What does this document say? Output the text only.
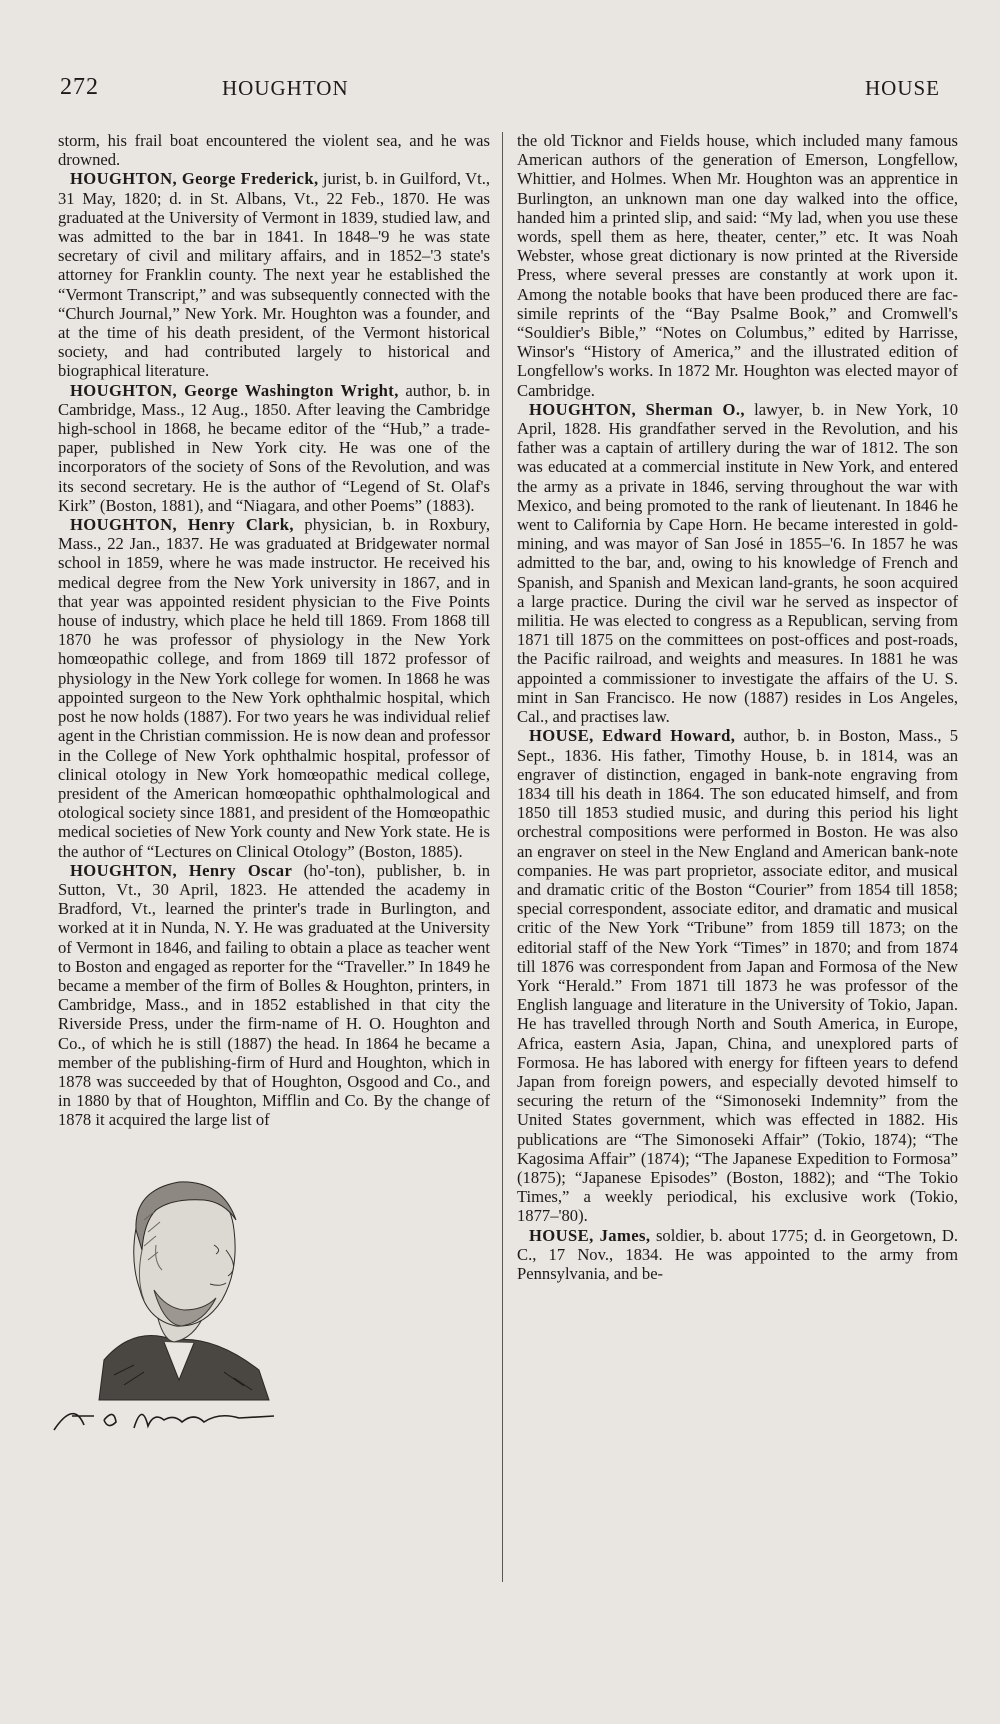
272	HOUGHTON	HOUSE

storm, his frail boat encountered the violent sea, and he was drowned.

HOUGHTON, George Frederick, jurist, b. in Guilford, Vt., 31 May, 1820; d. in St. Albans, Vt., 22 Feb., 1870. He was graduated at the University of Vermont in 1839, studied law, and was admitted to the bar in 1841. In 1848–'9 he was state secretary of civil and military affairs, and in 1852–'3 state's attorney for Franklin county. The next year he established the “Vermont Transcript,” and was subsequently connected with the “Church Journal,” New York. Mr. Houghton was a founder, and at the time of his death president, of the Vermont historical society, and had contributed largely to historical and biographical literature.

HOUGHTON, George Washington Wright, author, b. in Cambridge, Mass., 12 Aug., 1850. After leaving the Cambridge high-school in 1868, he became editor of the “Hub,” a trade-paper, published in New York city. He was one of the incorporators of the society of Sons of the Revolution, and was its second secretary. He is the author of “Legend of St. Olaf's Kirk” (Boston, 1881), and “Niagara, and other Poems” (1883).

HOUGHTON, Henry Clark, physician, b. in Roxbury, Mass., 22 Jan., 1837. He was graduated at Bridgewater normal school in 1859, where he was made instructor. He received his medical degree from the New York university in 1867, and in that year was appointed resident physician to the Five Points house of industry, which place he held till 1869. From 1868 till 1870 he was professor of physiology in the New York homœopathic college, and from 1869 till 1872 professor of physiology in the New York college for women. In 1868 he was appointed surgeon to the New York ophthalmic hospital, which post he now holds (1887). For two years he was individual relief agent in the Christian commission. He is now dean and professor in the College of New York ophthalmic hospital, professor of clinical otology in New York homœopathic medical college, president of the American homœopathic ophthalmological and otological society since 1881, and president of the Homœopathic medical societies of New York county and New York state. He is the author of “Lectures on Clinical Otology” (Boston, 1885).

HOUGHTON, Henry Oscar (ho'-ton), publisher, b. in Sutton, Vt., 30 April, 1823. He attended the academy in Bradford, Vt., learned the printer's trade in Burlington, and worked at it in Nunda, N. Y. He was graduated at the University of Vermont in 1846, and failing to obtain a place as teacher went to Boston and engaged as reporter for the “Traveller.” In 1849 he became a member of the firm of Bolles & Houghton, printers, in Cambridge, Mass., and in 1852 established in that city the Riverside Press, under the firm-name of H. O. Houghton and Co., of which he is still (1887) the head. In 1864 he became a member of the publishing-firm of Hurd and Houghton, which in 1878 was succeeded by that of Houghton, Osgood and Co., and in 1880 by that of Houghton, Mifflin and Co. By the change of 1878 it acquired the large list of

the old Ticknor and Fields house, which included many famous American authors of the generation of Emerson, Longfellow, Whittier, and Holmes. When Mr. Houghton was an apprentice in Burlington, an unknown man one day walked into the office, handed him a printed slip, and said: “My lad, when you use these words, spell them as here, theater, center,” etc. It was Noah Webster, whose great dictionary is now printed at the Riverside Press, where several presses are constantly at work upon it. Among the notable books that have been produced there are fac-simile reprints of the “Bay Psalme Book,” and Cromwell's “Souldier's Bible,” “Notes on Columbus,” edited by Harrisse, Winsor's “History of America,” and the illustrated edition of Longfellow's works. In 1872 Mr. Houghton was elected mayor of Cambridge.

HOUGHTON, Sherman O., lawyer, b. in New York, 10 April, 1828. His grandfather served in the Revolution, and his father was a captain of artillery during the war of 1812. The son was educated at a commercial institute in New York, and entered the army as a private in 1846, serving throughout the war with Mexico, and being promoted to the rank of lieutenant. In 1846 he went to California by Cape Horn. He became interested in gold-mining, and was mayor of San José in 1855–'6. In 1857 he was admitted to the bar, and, owing to his knowledge of French and Spanish, and Spanish and Mexican land-grants, he soon acquired a large practice. During the civil war he served as inspector of militia. He was elected to congress as a Republican, serving from 1871 till 1875 on the committees on post-offices and post-roads, the Pacific railroad, and weights and measures. In 1881 he was appointed a commissioner to investigate the affairs of the U. S. mint in San Francisco. He now (1887) resides in Los Angeles, Cal., and practises law.

HOUSE, Edward Howard, author, b. in Boston, Mass., 5 Sept., 1836. His father, Timothy House, b. in 1814, was an engraver of distinction, engaged in bank-note engraving from 1834 till his death in 1864. The son educated himself, and from 1850 till 1853 studied music, and during this period his light orchestral compositions were performed in Boston. He was also an engraver on steel in the New England and American bank-note companies. He was part proprietor, associate editor, and musical and dramatic critic of the Boston “Courier” from 1854 till 1858; special correspondent, associate editor, and dramatic and musical critic of the New York “Tribune” from 1859 till 1873; on the editorial staff of the New York “Times” in 1870; and from 1874 till 1876 was correspondent from Japan and Formosa of the New York “Herald.” From 1871 till 1873 he was professor of the English language and literature in the University of Tokio, Japan. He has travelled through North and South America, in Europe, Africa, eastern Asia, Japan, China, and unexplored parts of Formosa. He has labored with energy for fifteen years to defend Japan from foreign powers, and especially devoted himself to securing the return of the “Simonoseki Indemnity” from the United States government, which was effected in 1882. His publications are “The Simonoseki Affair” (Tokio, 1874); “The Kagosima Affair” (1874); “The Japanese Expedition to Formosa” (1875); “Japanese Episodes” (Boston, 1882); and “The Tokio Times,” a weekly periodical, his exclusive work (Tokio, 1877–'80).

HOUSE, James, soldier, b. about 1775; d. in Georgetown, D. C., 17 Nov., 1834. He was appointed to the army from Pennsylvania, and be-
